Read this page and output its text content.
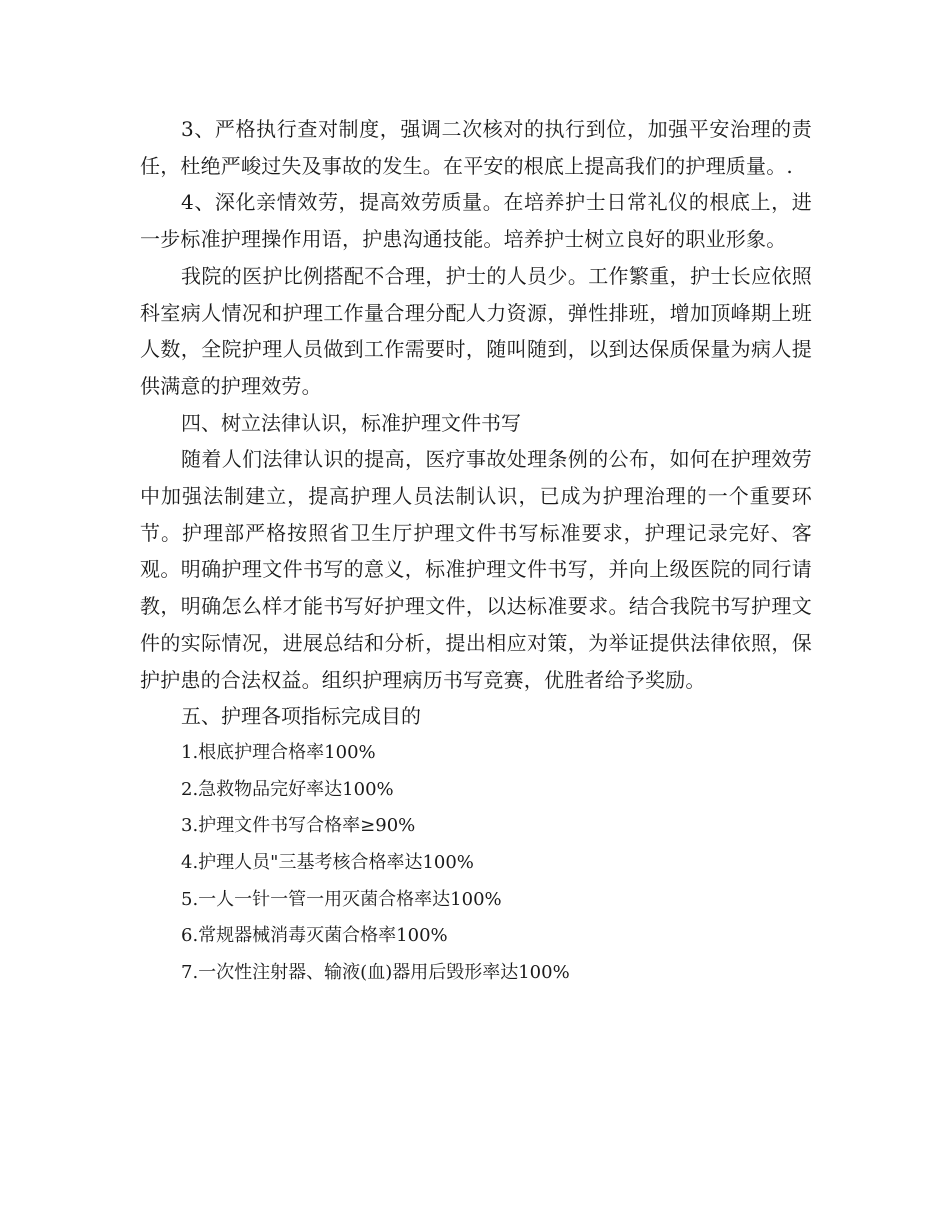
3、严格执行查对制度，强调二次核对的执行到位，加强平安治理的责任，杜绝严峻过失及事故的发生。在平安的根底上提高我们的护理质量。.

4、深化亲情效劳，提高效劳质量。在培养护士日常礼仪的根底上，进一步标准护理操作用语，护患沟通技能。培养护士树立良好的职业形象。

我院的医护比例搭配不合理，护士的人员少。工作繁重，护士长应依照科室病人情况和护理工作量合理分配人力资源，弹性排班，增加顶峰期上班人数，全院护理人员做到工作需要时，随叫随到，以到达保质保量为病人提供满意的护理效劳。

四、树立法律认识，标准护理文件书写

随着人们法律认识的提高，医疗事故处理条例的公布，如何在护理效劳中加强法制建立，提高护理人员法制认识，已成为护理治理的一个重要环节。护理部严格按照省卫生厅护理文件书写标准要求，护理记录完好、客观。明确护理文件书写的意义，标准护理文件书写，并向上级医院的同行请教，明确怎么样才能书写好护理文件，以达标准要求。结合我院书写护理文件的实际情况，进展总结和分析，提出相应对策，为举证提供法律依照，保护护患的合法权益。组织护理病历书写竞赛，优胜者给予奖励。

五、护理各项指标完成目的

1.根底护理合格率100%

2.急救物品完好率达100%

3.护理文件书写合格率≥90%

4.护理人员"三基考核合格率达100%

5.一人一针一管一用灭菌合格率达100%

6.常规器械消毒灭菌合格率100%

7.一次性注射器、输液(血)器用后毁形率达100%
